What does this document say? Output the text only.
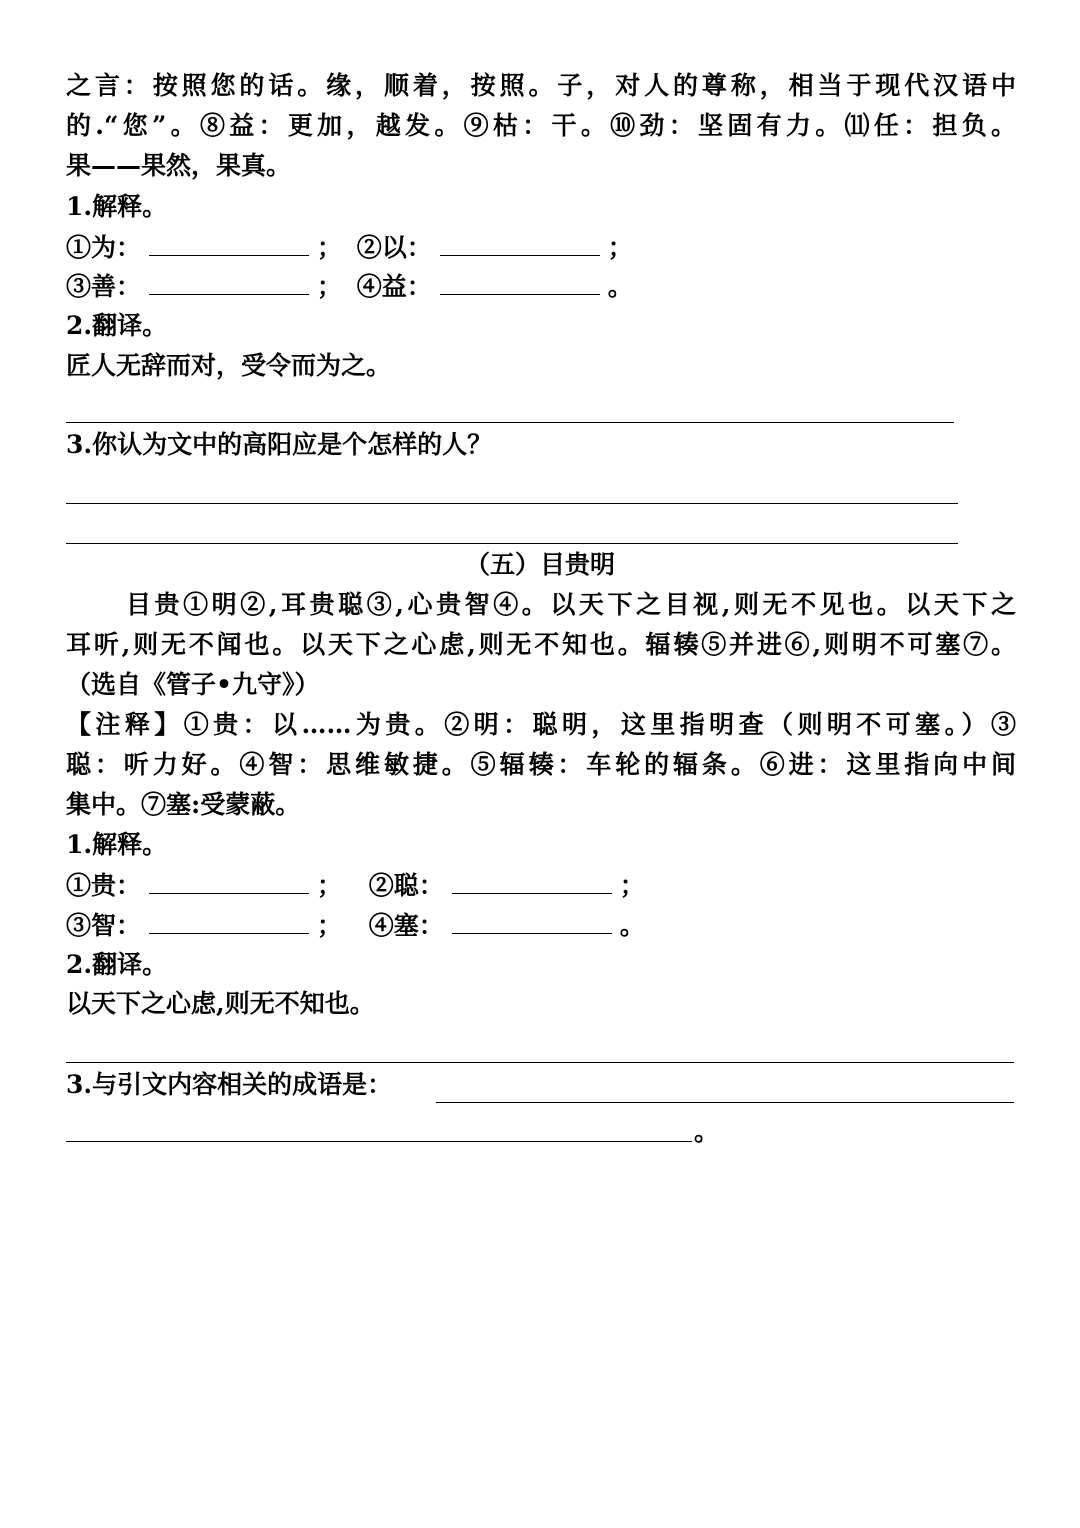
之言：按照您的话。缘，顺着，按照。子，对人的尊称，相当于现代汉语中
的.“您”。⑧益：更加，越发。⑨枯：干。⑩劲：坚固有力。⑾任：担负。
果——果然，果真。
1.解释。
①为：	； ②以：	；
③善：	； ④益：	。
2.翻译。
匠人无辞而对，受令而为之。
3.你认为文中的高阳应是个怎样的人？
（五）目贵明
目贵①明②,耳贵聪③,心贵智④。以天下之目视,则无不见也。以天下之
耳听,则无不闻也。以天下之心虑,则无不知也。辐辏⑤并进⑥,则明不可塞⑦。
（选自《管子•九守》）
【注释】①贵：以……为贵。②明：聪明，这里指明查（则明不可塞。）③
聪：听力好。④智：思维敏捷。⑤辐辏：车轮的辐条。⑥进：这里指向中间
集中。⑦塞:受蒙蔽。
1.解释。
①贵：	； ②聪：	；
③智：	； ④塞：	。
2.翻译。
以天下之心虑,则无不知也。
3.与引文内容相关的成语是：
。
